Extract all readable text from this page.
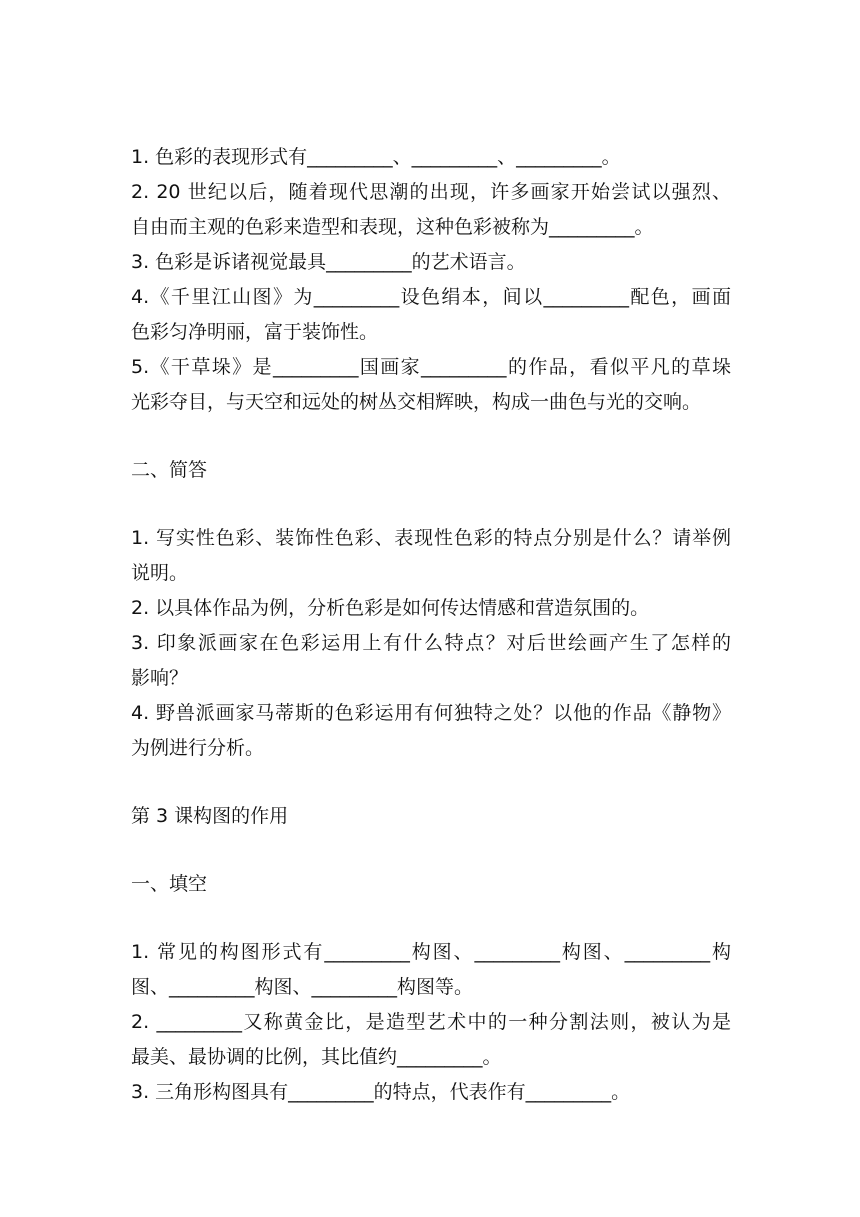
1. 色彩的表现形式有_________、_________、_________。
2. 20 世纪以后，随着现代思潮的出现，许多画家开始尝试以强烈、
自由而主观的色彩来造型和表现，这种色彩被称为_________。
3. 色彩是诉诸视觉最具_________的艺术语言。
4.《千里江山图》为_________设色绢本，间以_________配色，画面
色彩匀净明丽，富于装饰性。
5.《干草垛》是_________国画家_________的作品，看似平凡的草垛
光彩夺目，与天空和远处的树丛交相辉映，构成一曲色与光的交响。
二、简答
1. 写实性色彩、装饰性色彩、表现性色彩的特点分别是什么？请举例
说明。
2. 以具体作品为例，分析色彩是如何传达情感和营造氛围的。
3. 印象派画家在色彩运用上有什么特点？对后世绘画产生了怎样的
影响？
4. 野兽派画家马蒂斯的色彩运用有何独特之处？以他的作品《静物》
为例进行分析。
第 3 课构图的作用
一、填空
1. 常见的构图形式有_________构图、_________构图、_________构
图、_________构图、_________构图等。
2. _________又称黄金比，是造型艺术中的一种分割法则，被认为是
最美、最协调的比例，其比值约_________。
3. 三角形构图具有_________的特点，代表作有_________。
